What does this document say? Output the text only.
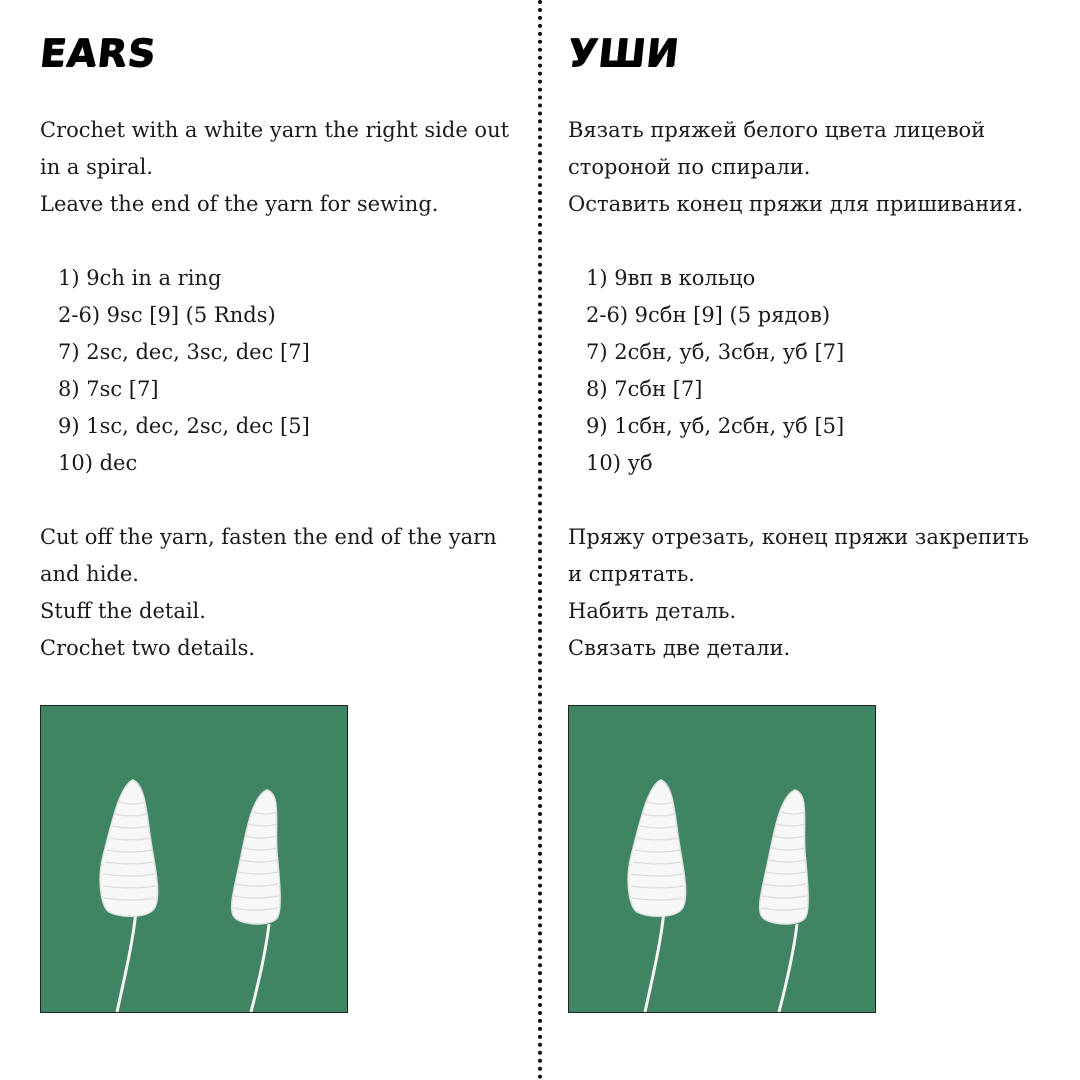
EARS

Crochet with a white yarn the right side out in a spiral.

Leave the end of the yarn for sewing.

1) 9ch in a ring
2-6) 9sc [9] (5 Rnds)
7) 2sc, dec, 3sc, dec [7]
8) 7sc [7]
9) 1sc, dec, 2sc, dec [5]
10) dec

Cut off the yarn, fasten the end of the yarn and hide.

Stuff the detail.

Crochet two details.

УШИ

Вязать пряжей белого цвета лицевой стороной по спирали.

Оставить конец пряжи для пришивания.

1) 9вп в кольцо
2-6) 9сбн [9] (5 рядов)
7) 2сбн, уб, 3сбн, уб [7]
8) 7сбн [7]
9) 1сбн, уб, 2сбн, уб [5]
10) уб

Пряжу отрезать, конец пряжи закрепить и спрятать.

Набить деталь.

Связать две детали.
